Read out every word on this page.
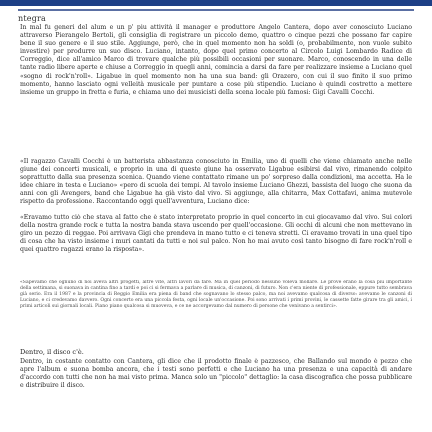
ntegra

In mal fu generi del alum e un p' piu attività il manager e produttore Angelo Cantera, dopo aver conosciuto Luciano attraverso Pierangelo Bertoli, gli consiglia di registrare un piccolo demo, quattro o cinque pezzi che possano far capire bene il suo genere e il suo stile. Aggiunge, però, che in quel momento non ha soldi (o, probabilmente, non vuole subito investire) per produrre un suo disco. Luciano, intanto, dopo quel primo concerto al Circolo Luigi Lombardo Radice di Correggio, dice all'amico Marco di trovare qualche più possibili occasioni per suonare. Marco, conoscendo in una delle tante radio libere aperte e chiuse a Correggio in quegli anni, comincia a darsi da fare per realizzare insieme a Luciano quel «sogno di rock'n'roll». Ligabue in quel momento non ha una sua band: gli Orazero, con cui il suo finito il suo primo momento, hanno lasciato ogni velleità musicale per puntare a cose più stipendio. Luciano è quindi costretto a mettere insieme un gruppo in fretta e furia, e chiama uno dei musicisti della scena locale più famosi: Gigi Cavalli Cocchi.

«Il ragazzo Cavalli Cocchi è un batterista abbastanza conosciuto in Emilia, uno di quelli che viene chiamato anche nelle giune dei concerti musicali, e proprio in una di queste giune ha osservato Ligabue esibirsi dal vivo, rimanendo colpito soprattutto dalla sua presenza scenica. Quando viene contattato rimane un po' sorpreso dalla condizioni, ma accetta. Ha le idee chiare in testa e Luciano» «pero di scuola dei tempi. Al tavolo insieme Luciano Ghezzi, bassista del luogo che suona da anni con gli Avengers, band che Ligabue ha già visto dal vivo. Si aggiunge, alla chitarra, Max Cottafavi, anima mutevole rispetto da professione. Raccontando oggi quell'avventura, Luciano dice:

«Eravamo tutto ciò che stava al fatto che è stato interpretato proprio in quel concerto in cui giocavamo dal vivo. Sui colori della nostra grande rock e tutta la nostra banda stava uscendo per quell'occasione. Gli occhi di alcuni che non mettevano in giro un pezzo di reggae. Poi arrivava Gigi che prendeva in mano tutto e ci teneva stretti. Ci eravamo trovati in una quel tipo di cosa che ha visto insieme i muri cantati da tutti e noi sul palco. Non ho mai avuto così tanto bisogno di fare rock'n'roll e quei quattro ragazzi erano la risposta».

«Sapevamo che ognuno di noi aveva altri progetti, altre vite, altri lavori da fare. Ma in quel periodo nessuno voleva mollare. Le prove erano la cosa più importante della settimana, si suonava in cantina fino a tardi e poi ci si fermava a parlare di musica, di canzoni, di futuro. Non c'era niente di professionale, eppure tutto sembrava già serio. Era il 1987 e la provincia di Reggio Emilia era piena di band che sognavano lo stesso palco, ma noi avevamo qualcosa di diverso: avevamo le canzoni di Luciano, e ci credevamo davvero. Ogni concerto era una piccola festa, ogni locale un'occasione. Poi sono arrivati i primi provini, le cassette fatte girare tra gli amici, i primi articoli sui giornali locali. Piano piano qualcosa si muoveva, e ce ne accorgevamo dal numero di persone che venivano a sentirci».

Dentro, il disco c'è.

Dentro, in costante contatto con Cantera, gli dice che il prodotto finale è pazzesco, che Ballando sul mondo è pezzo che apre l'album e suona bomba ancora, che i testi sono perfetti e che Luciano ha una presenza e una capacità di andare d'accordo con tutti che non ha mai visto prima. Manca solo un "piccolo" dettaglio: la casa discografica che possa pubblicare e distribuire il disco.
